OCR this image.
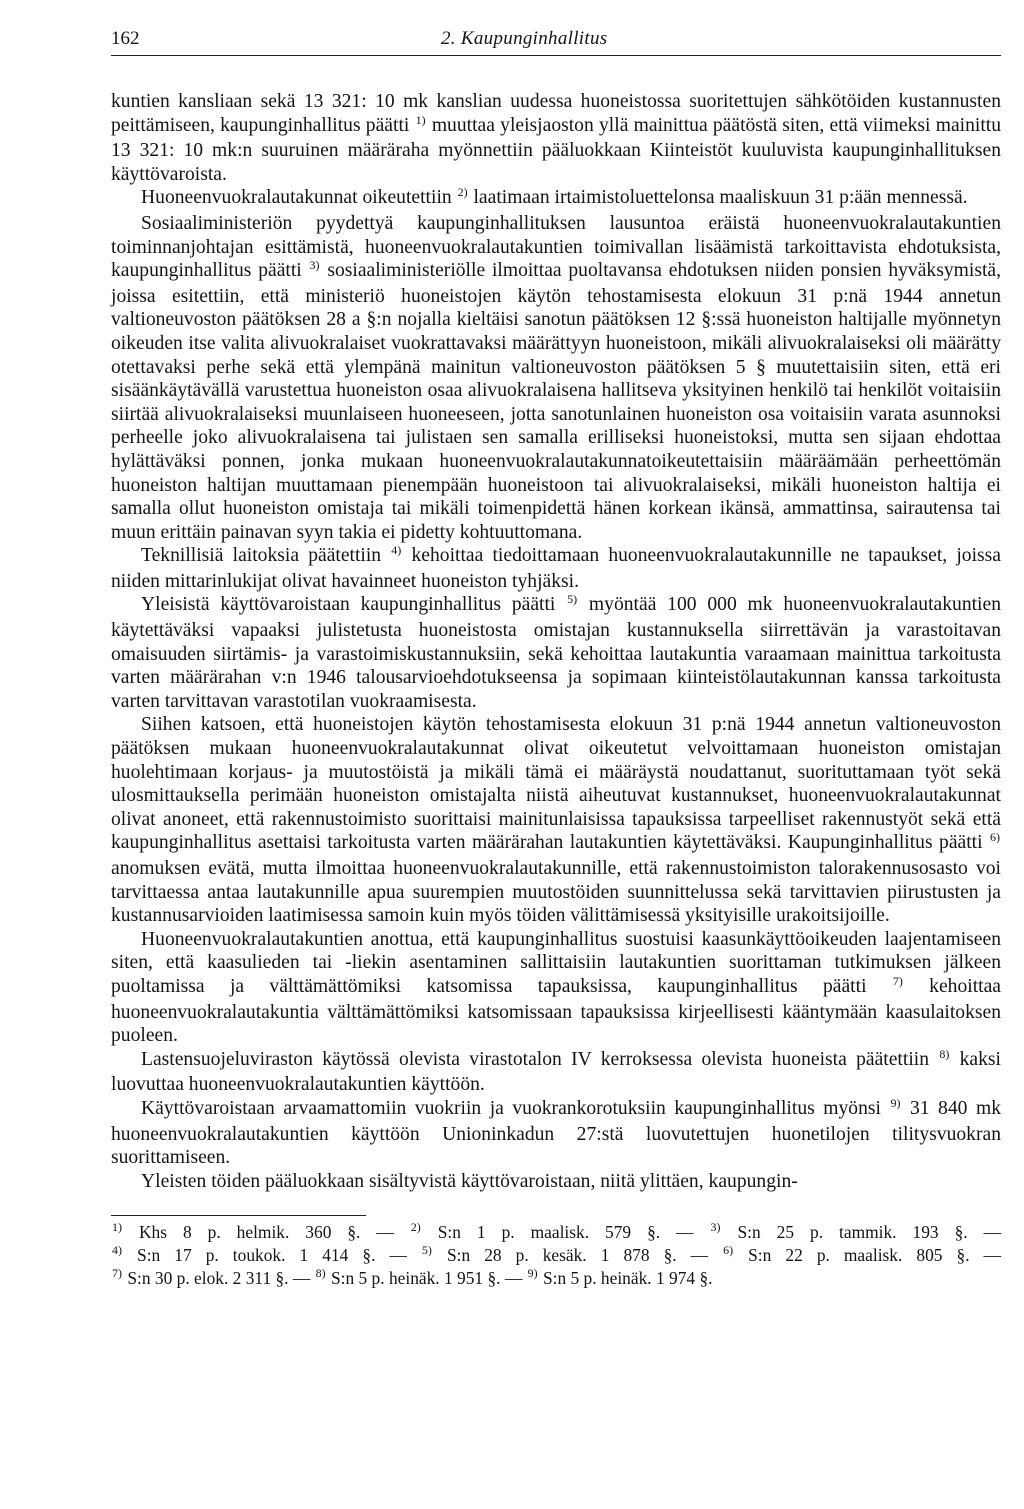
162	2. Kaupunginhallitus

kuntien kansliaan sekä 13 321: 10 mk kanslian uudessa huoneistossa suoritettujen sähkötöiden kustannusten peittämiseen, kaupunginhallitus päätti $^{1)}$ muuttaa yleisjaoston yllä mainittua päätöstä siten, että viimeksi mainittu 13 321: 10 mk:n suuruinen määräraha myönnettiin pääluokkaan Kiinteistöt kuuluvista kaupunginhallituksen käyttövaroista.

Huoneenvuokralautakunnat oikeutettiin $^{2)}$ laatimaan irtaimistoluettelonsa maaliskuun 31 p:ään mennessä.

Sosiaaliministeriön pyydettyä kaupunginhallituksen lausuntoa eräistä huoneenvuokralautakuntien toiminnanjohtajan esittämistä, huoneenvuokralautakuntien toimivallan lisäämistä tarkoittavista ehdotuksista, kaupunginhallitus päätti $^{3)}$ sosiaaliministeriölle ilmoittaa puoltavansa ehdotuksen niiden ponsien hyväksymistä, joissa esitettiin, että ministeriö huoneistojen käytön tehostamisesta elokuun 31 p:nä 1944 annetun valtioneuvoston päätöksen 28 a §:n nojalla kieltäisi sanotun päätöksen 12 §:ssä huoneiston haltijalle myönnetyn oikeuden itse valita alivuokralaiset vuokrattavaksi määrättyyn huoneistoon, mikäli alivuokralaiseksi oli määrätty otettavaksi perhe sekä että ylempänä mainitun valtioneuvoston päätöksen 5 § muutettaisiin siten, että eri sisäänkäytävällä varustettua huoneiston osaa alivuokralaisena hallitseva yksityinen henkilö tai henkilöt voitaisiin siirtää alivuokralaiseksi muunlaiseen huoneeseen, jotta sanotunlainen huoneiston osa voitaisiin varata asunnoksi perheelle joko alivuokralaisena tai julistaen sen samalla erilliseksi huoneistoksi, mutta sen sijaan ehdottaa hylättäväksi ponnen, jonka mukaan huoneenvuokralautakunnatoikeutettaisiin määräämään perheettömän huoneiston haltijan muuttamaan pienempään huoneistoon tai alivuokralaiseksi, mikäli huoneiston haltija ei samalla ollut huoneiston omistaja tai mikäli toimenpidettä hänen korkean ikänsä, ammattinsa, sairautensa tai muun erittäin painavan syyn takia ei pidetty kohtuuttomana.

Teknillisiä laitoksia päätettiin $^{4)}$ kehoittaa tiedoittamaan huoneenvuokralautakunnille ne tapaukset, joissa niiden mittarinlukijat olivat havainneet huoneiston tyhjäksi.

Yleisistä käyttövaroistaan kaupunginhallitus päätti $^{5)}$ myöntää 100 000 mk huoneenvuokralautakuntien käytettäväksi vapaaksi julistetusta huoneistosta omistajan kustannuksella siirrettävän ja varastoitavan omaisuuden siirtämis- ja varastoimiskustannuksiin, sekä kehoittaa lautakuntia varaamaan mainittua tarkoitusta varten määrärahan v:n 1946 talousarvioehdotukseensa ja sopimaan kiinteistölautakunnan kanssa tarkoitusta varten tarvittavan varastotilan vuokraamisesta.

Siihen katsoen, että huoneistojen käytön tehostamisesta elokuun 31 p:nä 1944 annetun valtioneuvoston päätöksen mukaan huoneenvuokralautakunnat olivat oikeutetut velvoittamaan huoneiston omistajan huolehtimaan korjaus- ja muutostöistä ja mikäli tämä ei määräystä noudattanut, suorituttamaan työt sekä ulosmittauksella perimään huoneiston omistajalta niistä aiheutuvat kustannukset, huoneenvuokralautakunnat olivat anoneet, että rakennustoimisto suorittaisi mainitunlaisissa tapauksissa tarpeelliset rakennustyöt sekä että kaupunginhallitus asettaisi tarkoitusta varten määrärahan lautakuntien käytettäväksi. Kaupunginhallitus päätti $^{6)}$ anomuksen evätä, mutta ilmoittaa huoneenvuokralautakunnille, että rakennustoimiston talorakennusosasto voi tarvittaessa antaa lautakunnille apua suurempien muutostöiden suunnittelussa sekä tarvittavien piirustusten ja kustannusarvioiden laatimisessa samoin kuin myös töiden välittämisessä yksityisille urakoitsijoille.

Huoneenvuokralautakuntien anottua, että kaupunginhallitus suostuisi kaasunkäyttöoikeuden laajentamiseen siten, että kaasulieden tai -liekin asentaminen sallittaisiin lautakuntien suorittaman tutkimuksen jälkeen puoltamissa ja välttämättömiksi katsomissa tapauksissa, kaupunginhallitus päätti $^{7)}$ kehoittaa huoneenvuokralautakuntia välttämättömiksi katsomissaan tapauksissa kirjeellisesti kääntymään kaasulaitoksen puoleen.

Lastensuojeluviraston käytössä olevista virastotalon IV kerroksessa olevista huoneista päätettiin $^{8)}$ kaksi luovuttaa huoneenvuokralautakuntien käyttöön.

Käyttövaroistaan arvaamattomiin vuokriin ja vuokrankorotuksiin kaupunginhallitus myönsi $^{9)}$ 31 840 mk huoneenvuokralautakuntien käyttöön Unioninkadun 27:stä luovutettujen huonetilojen tilitysvuokran suorittamiseen.

Yleisten töiden pääluokkaan sisältyvistä käyttövaroistaan, niitä ylittäen, kaupungin-

$^{1)}$ Khs 8 p. helmik. 360 §. — $^{2)}$ S:n 1 p. maalisk. 579 §. — $^{3)}$ S:n 25 p. tammik. 193 §. —
$^{4)}$ S:n 17 p. toukok. 1 414 §. — $^{5)}$ S:n 28 p. kesäk. 1 878 §. — $^{6)}$ S:n 22 p. maalisk. 805 §. —
$^{7)}$ S:n 30 p. elok. 2 311 §. — $^{8)}$ S:n 5 p. heinäk. 1 951 §. — $^{9)}$ S:n 5 p. heinäk. 1 974 §.
